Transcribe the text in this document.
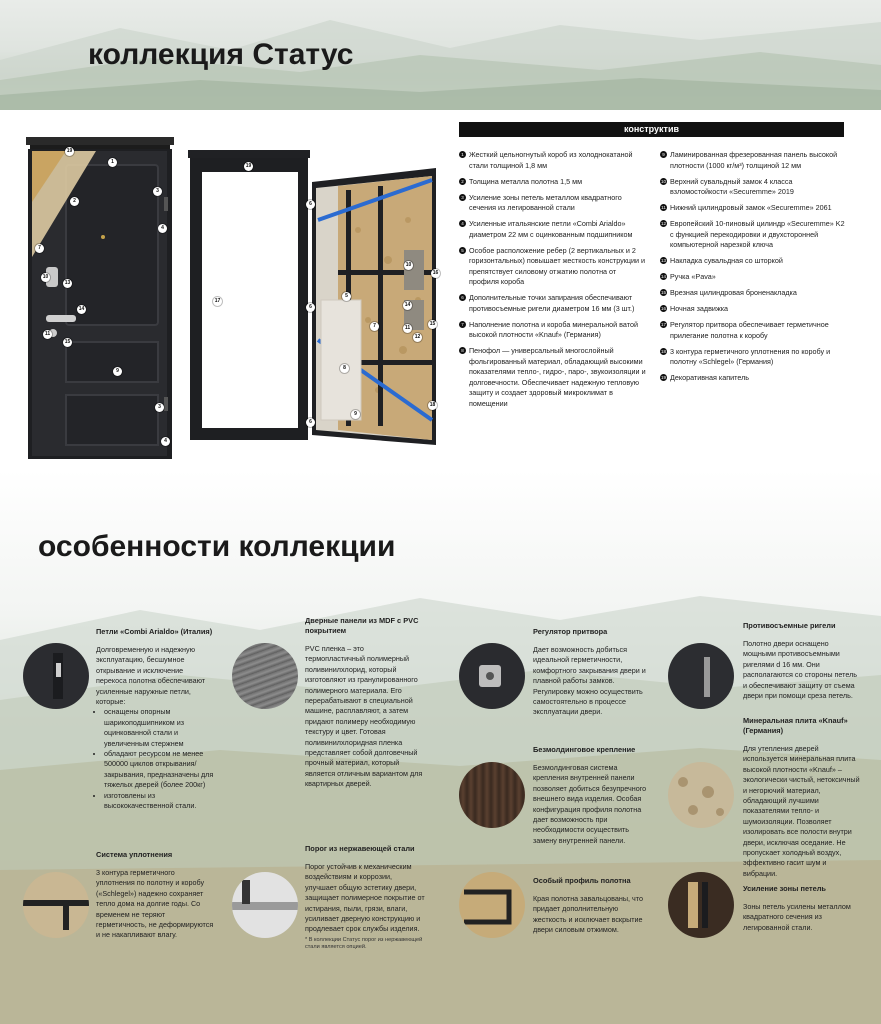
коллекция Статус
конструктив
1 Жесткий цельногнутый короб из холоднокатаной стали толщиной 1,8 мм
2 Толщина металла полотна 1,5 мм
3 Усиление зоны петель металлом квадратного сечения из легированной стали
4 Усиленные итальянские петли «Combi Arialdo» диаметром 22 мм с оцинкованным подшипником
5 Особое расположение ребер (2 вертикальных и 2 горизонтальных) повышает жесткость конструкции и препятствует силовому отжатию полотна от профиля короба
6 Дополнительные точки запирания обеспечивают противосъемные ригели диаметром 16 мм (3 шт.)
7 Наполнение полотна и короба минеральной ватой высокой плотности «Knauf» (Германия)
8 Пенофол — универсальный многослойный фольгированный материал, обладающий высокими показателями тепло-, гидро-, паро-, звукоизоляции и долговечности. Обеспечивает надежную тепловую защиту и создает здоровый микроклимат в помещении
9 Ламинированная фрезерованная панель высокой плотности (1000 кг/м³) толщиной 12 мм
10 Верхний сувальдный замок 4 класса взломостойкости «Securemme» 2019
11 Нижний цилиндровый замок «Securemme» 2061
12 Европейский 10-пиновый цилиндр «Securemme» K2 с функцией перекодировки и двухсторонней компьютерной нарезкой ключа
13 Накладка сувальдная со шторкой
14 Ручка «Pava»
15 Врезная цилиндровая броненакладка
16 Ночная задвижка
17 Регулятор притвора обеспечивает герметичное прилегание полотна к коробу
18 3 контура герметичного уплотнения по коробу и полотну «Schlegel» (Германия)
19 Декоративная капитель
особенности коллекции
Петли «Combi Arialdo» (Италия)
Долговременную и надежную эксплуатацию, бесшумное открывание и исключение перекоса полотна обеспечивают усиленные наружные петли, которые:
• оснащены опорным шарикоподшипником из оцинкованной стали и увеличенным стержнем
• обладают ресурсом не менее 500000 циклов открывания/закрывания, предназначены для тяжелых дверей (более 200кг)
• изготовлены из высококачественной стали.
Дверные панели из MDF с PVC покрытием
PVC пленка – это термопластичный полимерный поливинилхлорид, который изготовляют из гранулированного полимерного материала. Его перерабатывают в специальной машине, расплавляют, а затем придают полимеру необходимую текстуру и цвет. Готовая поливинилхлоридная пленка представляет собой долговечный прочный материал, который является отличным вариантом для квартирных дверей.
Регулятор притвора
Дает возможность добиться идеальной герметичности, комфортного закрывания двери и плавной работы замков. Регулировку можно осуществить самостоятельно в процессе эксплуатации двери.
Противосъемные ригели
Полотно двери оснащено мощными противосъемными ригелями d 16 мм. Они располагаются со стороны петель и обеспечивают защиту от съема двери при помощи среза петель.
Безмолдинговое крепление
Безмолдинговая система крепления внутренней панели позволяет добиться безупречного внешнего вида изделия. Особая конфигурация профиля полотна дает возможность при необходимости осуществить замену внутренней панели.
Минеральная плита «Knauf» (Германия)
Для утепления дверей используется минеральная плита высокой плотности «Knauf» – экологически чистый, нетоксичный и негорючий материал, обладающий лучшими показателями тепло- и шумоизоляции. Позволяет изолировать все полости внутри двери, исключая оседание. Не пропускает холодный воздух, эффективно гасит шум и вибрации.
Система уплотнения
3 контура герметичного уплотнения по полотну и коробу («Schlegel») надежно сохраняет тепло дома на долгие годы. Со временем не теряют герметичность, не деформируются и не накапливают влагу.
Порог из нержавеющей стали
Порог устойчив к механическим воздействиям и коррозии, улучшает общую эстетику двери, защищает полимерное покрытие от истирания, пыли, грязи, влаги, усиливает дверную конструкцию и продлевает срок службы изделия.
* В коллекции Статус порог из нержавеющей стали является опцией.
Особый профиль полотна
Края полотна завальцованы, что придает дополнительную жесткость и исключает вскрытие двери силовым отжимом.
Усиление зоны петель
Зоны петель усилены металлом квадратного сечения из легированной стали.
19
1
2
3
4
7
10
13
14
11
15
9
3
4
19
6
17
6
6
5
7
8
9
10
16
14
11
12
15
18
